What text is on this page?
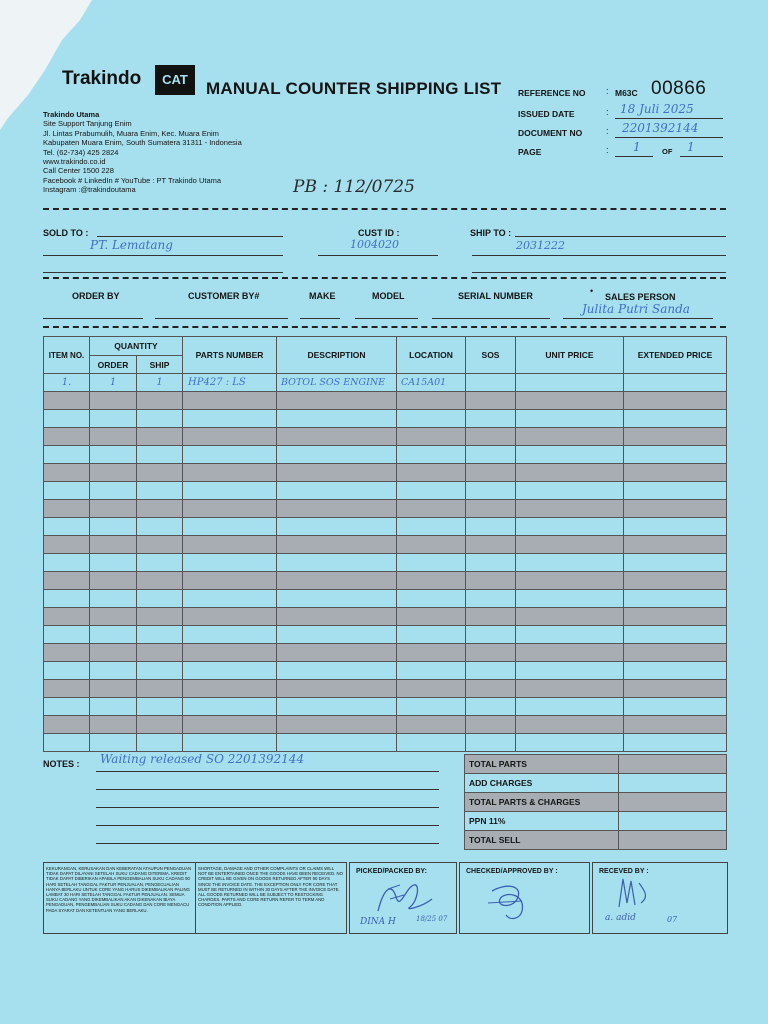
Trakindo	CAT	MANUAL COUNTER SHIPPING LIST
Trakindo Utama
Site Support Tanjung Enim
Jl. Lintas Prabumulih, Muara Enim, Kec. Muara Enim
Kabupaten Muara Enim, South Sumatera 31311 - Indonesia
Tel. (62-734) 425 2824
www.trakindo.co.id
Call Center 1500 228
Facebook # LinkedIn # YouTube : PT Trakindo Utama
Instagram :@trakindoutama
REFERENCE NO : M63C 00866
ISSUED DATE	: 18 Juli 2025
DOCUMENT NO	: 2201392144
PAGE	: 1	OF 1
PB : 112/0725
SOLD TO :
PT. Lematang
CUST ID :
1004020
SHIP TO :
2031222
ORDER BY	CUSTOMER BY#	MAKE	MODEL	SERIAL NUMBER	•
SALES PERSON
Julita Putri Sanda
ITEM NO.	QUANTITY		PARTS NUMBER	DESCRIPTION	LOCATION	SOS	UNIT PRICE	EXTENDED PRICE
	ORDER	SHIP						
1.	1	1	HP427 : LS	BOTOL SOS ENGINE	CA15A01			

NOTES : Waiting released SO 2201392144	TOTAL PARTS	
ADD CHARGES	
TOTAL PARTS & CHARGES	
PPN 11%	
TOTAL SELL	
KEKURANGAN, KERUSAKAN DAN KEBERATAN ATAUPUN PENGADUAN TIDAK DAPAT DILAYANI SETELAH SUKU CADANG DITERIMA. KREDIT TIDAK DAPAT DIBERIKAN APABILA PENGEMBALIAN SUKU CADANG 90 HARI SETELAH TANGGAL FAKTUR PENJUALAN, PENGECUALIAN HANYA BERLAKU UNTUK CORE YANG HARUS DIKEMBALIKAN PALING LAMBAT 30 HARI SETELAH TANGGAL FAKTUR PENJUALAN. SEMUA SUKU CADANG YANG DIKEMBALIKAN AKAN DIKENAKAN BIAYA PENGADUAN, PENGEMBALIAN SUKU CADANG DAN CORE MENGACU PADA SYARAT DAN KETENTUAN YANG BERLAKU.
SHORTAGE, DAMAGE AND OTHER COMPLAINTS OR CLAIMS WILL NOT BE ENTERTAINED ONCE THE GOODS HAVE BEEN RECEIVED. NO CREDIT WILL BE GIVEN ON GOODS RETURNED AFTER 90 DAYS SINCE THE INVOICE DATE. THE EXCEPTION ONLY FOR CORE THAT MUST BE RETURNED IN WITHIN 30 DAYS AFTER THE INVOICE DATE. ALL GOODS RETURNED WILL BE SUBJECT TO RESTOCKING CHARGES. PARTS AND CORE RETURN REFER TO TERM AND CONDITION APPLIED.
PICKED/PACKED BY:
DINA H	18/25 07
CHECKED/APPROVED BY :	RECEVED BY :
a. adid	07
